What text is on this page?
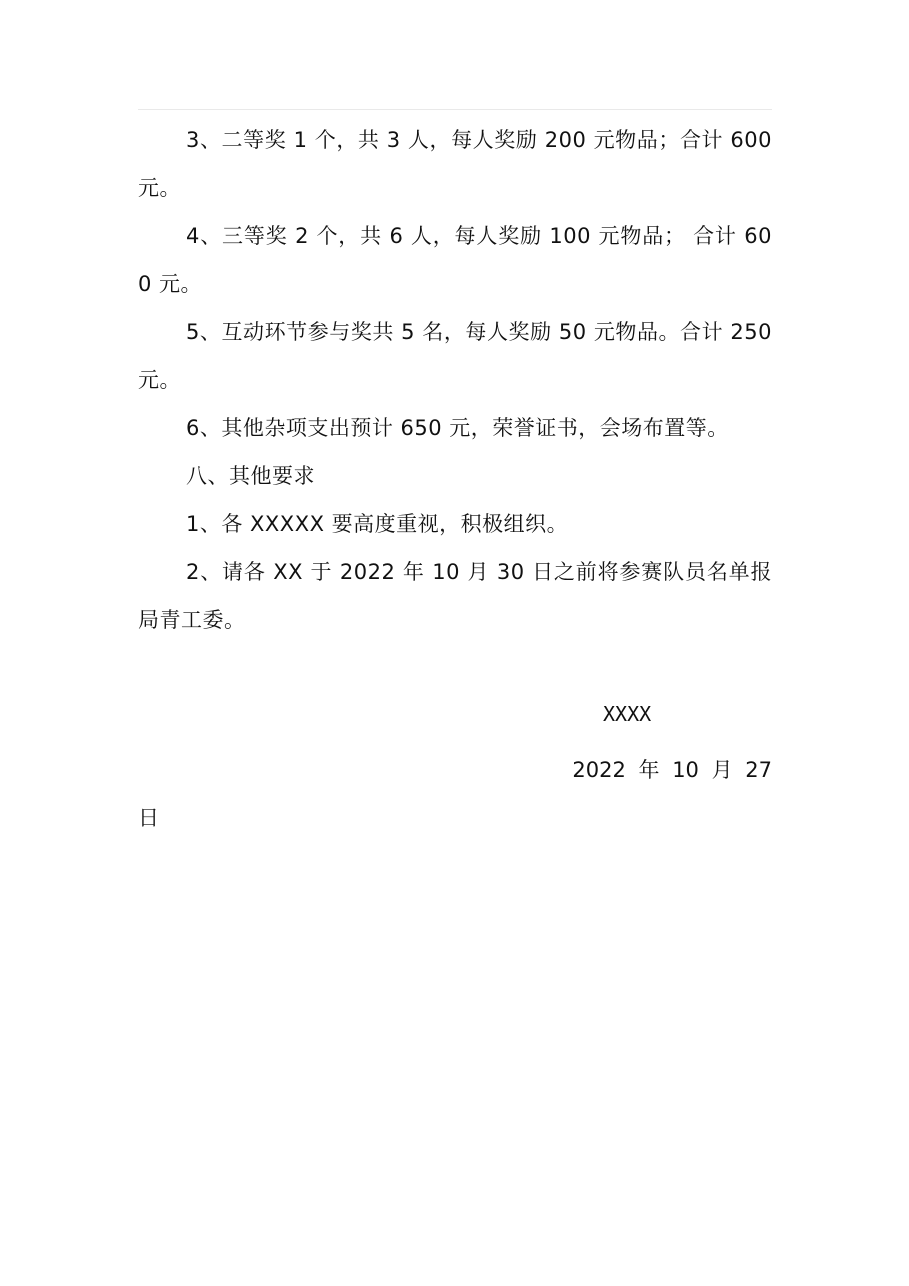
3、二等奖 1 个，共 3 人，每人奖励 200 元物品；合计 600 元。

4、三等奖 2 个，共 6 人，每人奖励 100 元物品； 合计 600 元。

5、互动环节参与奖共 5 名，每人奖励 50 元物品。合计 250 元。

6、其他杂项支出预计 650 元，荣誉证书，会场布置等。

八、其他要求

1、各 XXXXX 要高度重视，积极组织。

2、请各 XX 于 2022 年 10 月 30 日之前将参赛队员名单报局青工委。

XXXX
2022 年 10 月 27
日
